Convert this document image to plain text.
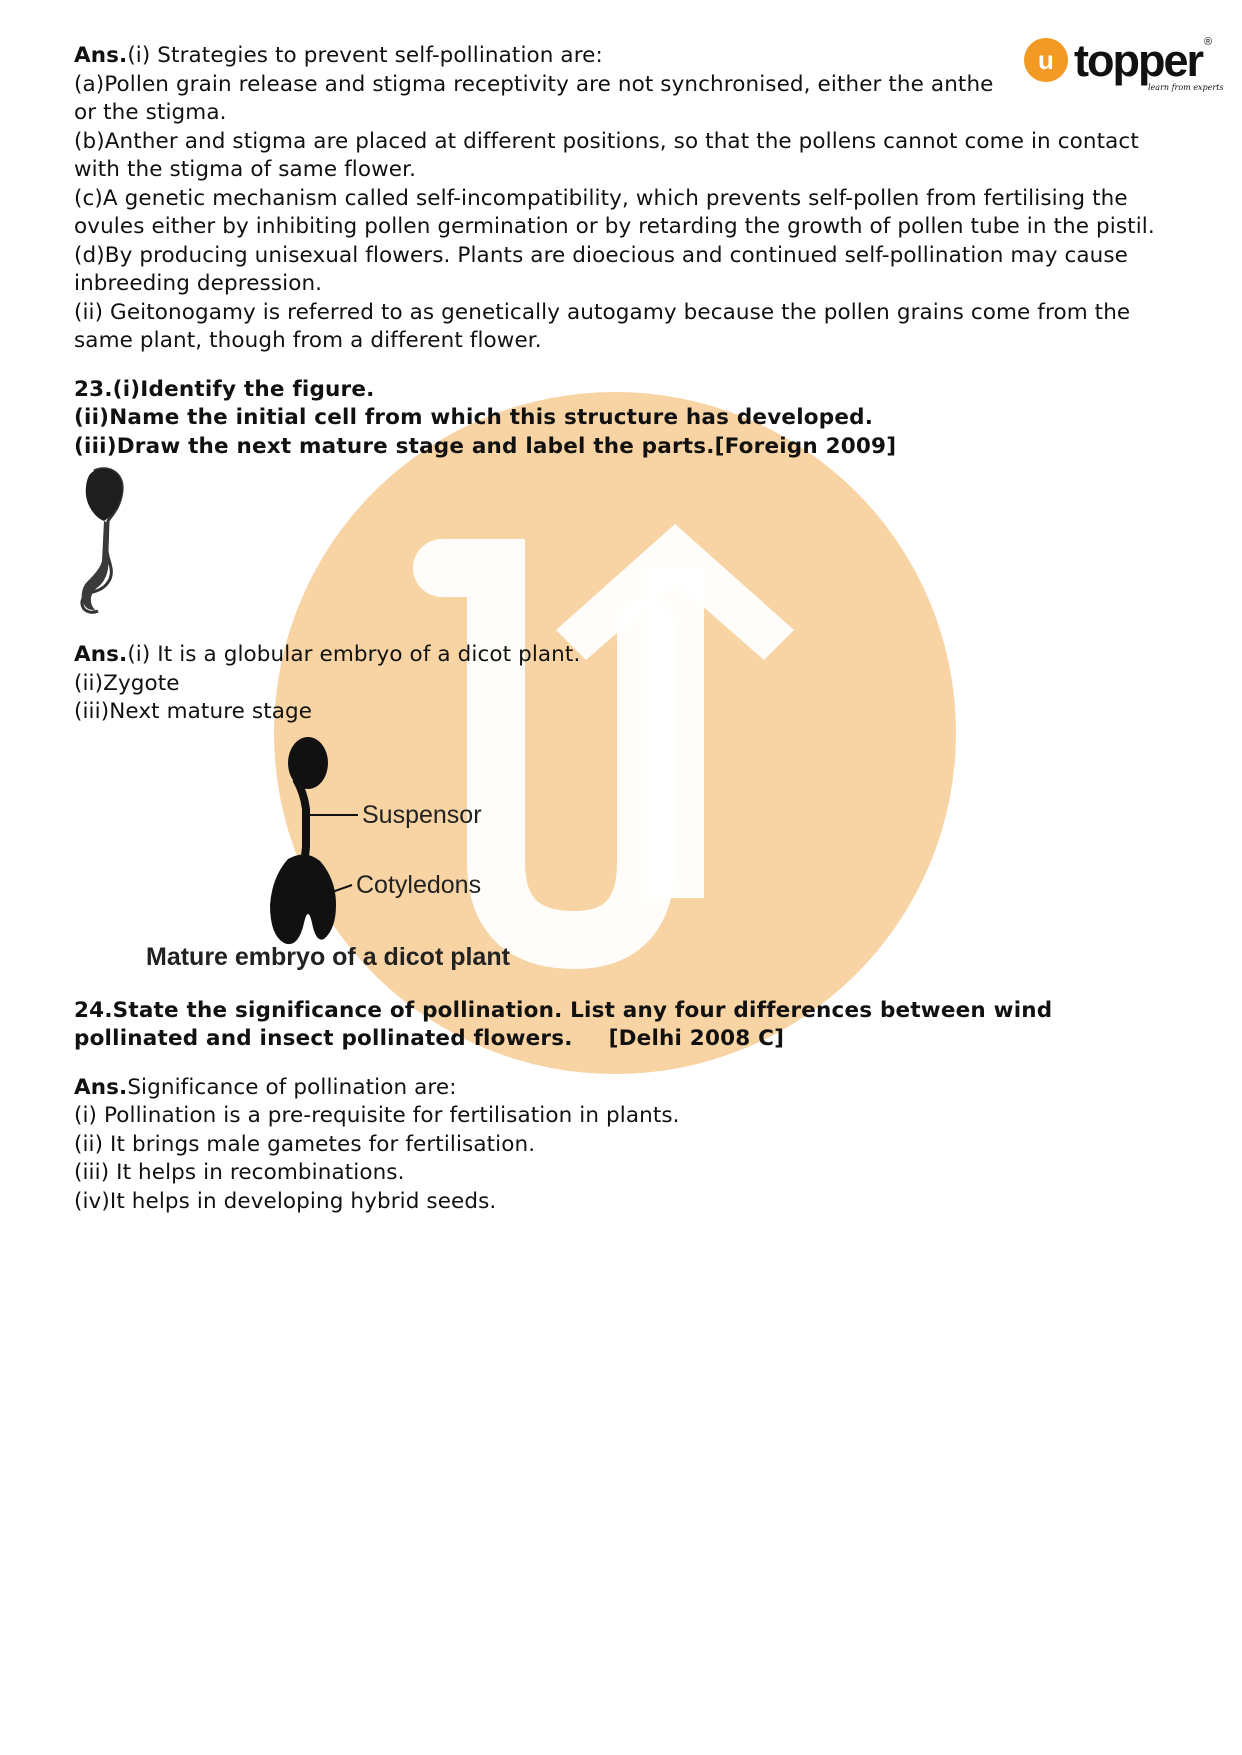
u topper ®
learn from experts

Ans.(i) Strategies to prevent self-pollination are:

(a)Pollen grain release and stigma receptivity are not synchronised, either the anthe

or the stigma.

(b)Anther and stigma are placed at different positions, so that the pollens cannot come in contact

with the stigma of same flower.

(c)A genetic mechanism called self-incompatibility, which prevents self-pollen from fertilising the

ovules either by inhibiting pollen germination or by retarding the growth of pollen tube in the pistil.

(d)By producing unisexual flowers. Plants are dioecious and continued self-pollination may cause

inbreeding depression.

(ii) Geitonogamy is referred to as genetically autogamy because the pollen grains come from the

same plant, though from a different flower.

23.(i)Identify the figure.

(ii)Name the initial cell from which this structure has developed.

(iii)Draw the next mature stage and label the parts.[Foreign 2009]

Ans.(i) It is a globular embryo of a dicot plant.

(ii)Zygote

(iii)Next mature stage

Suspensor
Cotyledons
Mature embryo of a dicot plant

24.State the significance of pollination. List any four differences between wind

pollinated and insect pollinated flowers. [Delhi 2008 C]

Ans.Significance of pollination are:

(i) Pollination is a pre-requisite for fertilisation in plants.

(ii) It brings male gametes for fertilisation.

(iii) It helps in recombinations.

(iv)It helps in developing hybrid seeds.
